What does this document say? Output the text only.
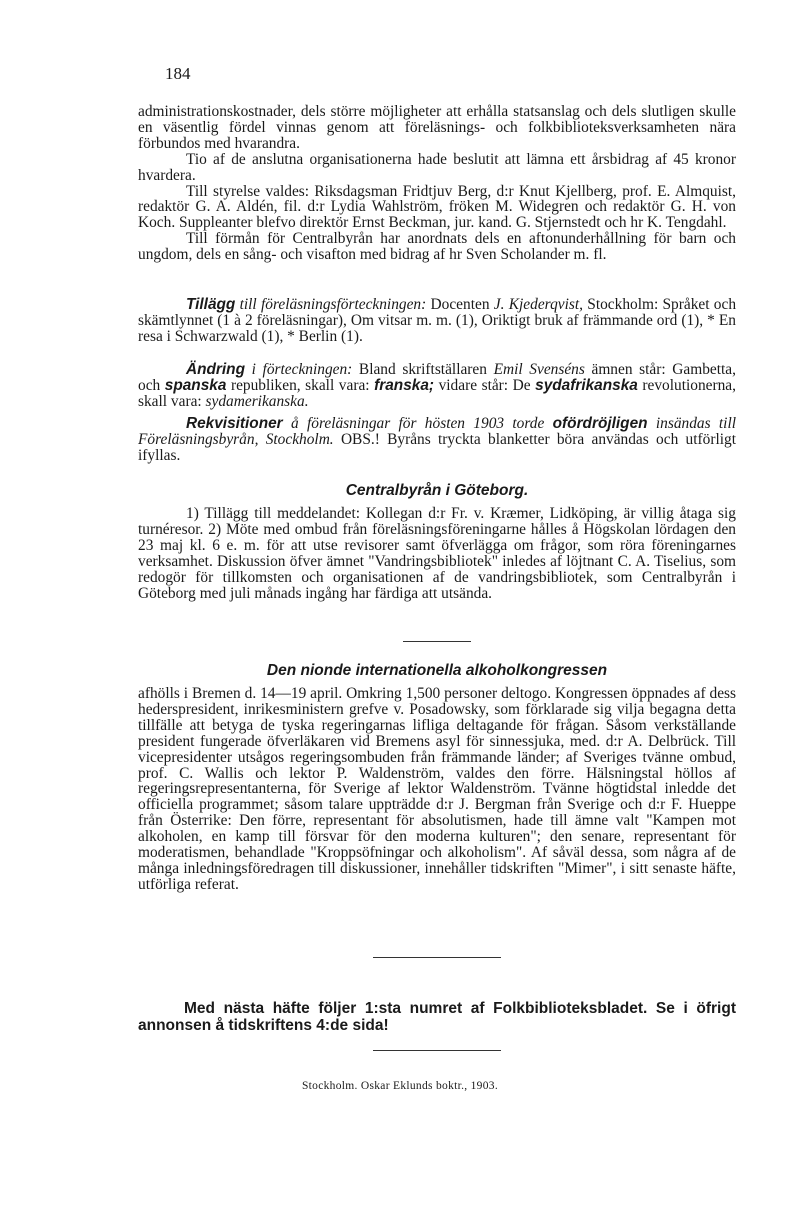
184

administrationskostnader, dels större möjligheter att erhålla statsanslag och dels slutligen skulle en väsentlig fördel vinnas genom att föreläsnings- och folkbiblioteksverksamheten nära förbundos med hvarandra.

Tio af de anslutna organisationerna hade beslutit att lämna ett årsbidrag af 45 kronor hvardera.

Till styrelse valdes: Riksdagsman Fridtjuv Berg, d:r Knut Kjellberg, prof. E. Almquist, redaktör G. A. Aldén, fil. d:r Lydia Wahlström, fröken M. Widegren och redaktör G. H. von Koch. Suppleanter blefvo direktör Ernst Beckman, jur. kand. G. Stjernstedt och hr K. Tengdahl.

Till förmån för Centralbyrån har anordnats dels en aftonunderhållning för barn och ungdom, dels en sång- och visafton med bidrag af hr Sven Scholander m. fl.

Tillägg till föreläsningsförteckningen: Docenten J. Kjederqvist, Stockholm: Språket och skämtlynnet (1 à 2 föreläsningar), Om vitsar m. m. (1), Oriktigt bruk af främmande ord (1), * En resa i Schwarzwald (1), * Berlin (1).

Ändring i förteckningen: Bland skriftställaren Emil Svenséns ämnen står: Gambetta, och spanska republiken, skall vara: franska; vidare står: De sydafrikanska revolutionerna, skall vara: sydamerikanska.

Rekvisitioner å föreläsningar för hösten 1903 torde ofördröjligen insändas till Föreläsningsbyrån, Stockholm. OBS.! Byråns tryckta blanketter böra användas och utförligt ifyllas.

Centralbyrån i Göteborg.

1) Tillägg till meddelandet: Kollegan d:r Fr. v. Kræmer, Lidköping, är villig åtaga sig turnéresor. 2) Möte med ombud från föreläsningsföreningarne hålles å Högskolan lördagen den 23 maj kl. 6 e. m. för att utse revisorer samt öfverlägga om frågor, som röra föreningarnes verksamhet. Diskussion öfver ämnet "Vandringsbibliotek" inledes af löjtnant C. A. Tiselius, som redogör för tillkomsten och organisationen af de vandringsbibliotek, som Centralbyrån i Göteborg med juli månads ingång har färdiga att utsända.

Den nionde internationella alkoholkongressen

afhölls i Bremen d. 14—19 april. Omkring 1,500 personer deltogo. Kongressen öppnades af dess hederspresident, inrikesministern grefve v. Posadowsky, som förklarade sig vilja begagna detta tillfälle att betyga de tyska regeringarnas lifliga deltagande för frågan. Såsom verkställande president fungerade öfverläkaren vid Bremens asyl för sinnessjuka, med. d:r A. Delbrück. Till vicepresidenter utsågos regeringsombuden från främmande länder; af Sveriges tvänne ombud, prof. C. Wallis och lektor P. Waldenström, valdes den förre. Hälsningstal höllos af regeringsrepresentanterna, för Sverige af lektor Waldenström. Tvänne högtidstal inledde det officiella programmet; såsom talare uppträdde d:r J. Bergman från Sverige och d:r F. Hueppe från Österrike: Den förre, representant för absolutismen, hade till ämne valt "Kampen mot alkoholen, en kamp till försvar för den moderna kulturen"; den senare, representant för moderatismen, behandlade "Kroppsöfningar och alkoholism". Af såväl dessa, som några af de många inledningsföredragen till diskussioner, innehåller tidskriften "Mimer", i sitt senaste häfte, utförliga referat.

Med nästa häfte följer 1:sta numret af Folkbiblioteksbladet. Se i öfrigt annonsen å tidskriftens 4:de sida!

Stockholm. Oskar Eklunds boktr., 1903.
